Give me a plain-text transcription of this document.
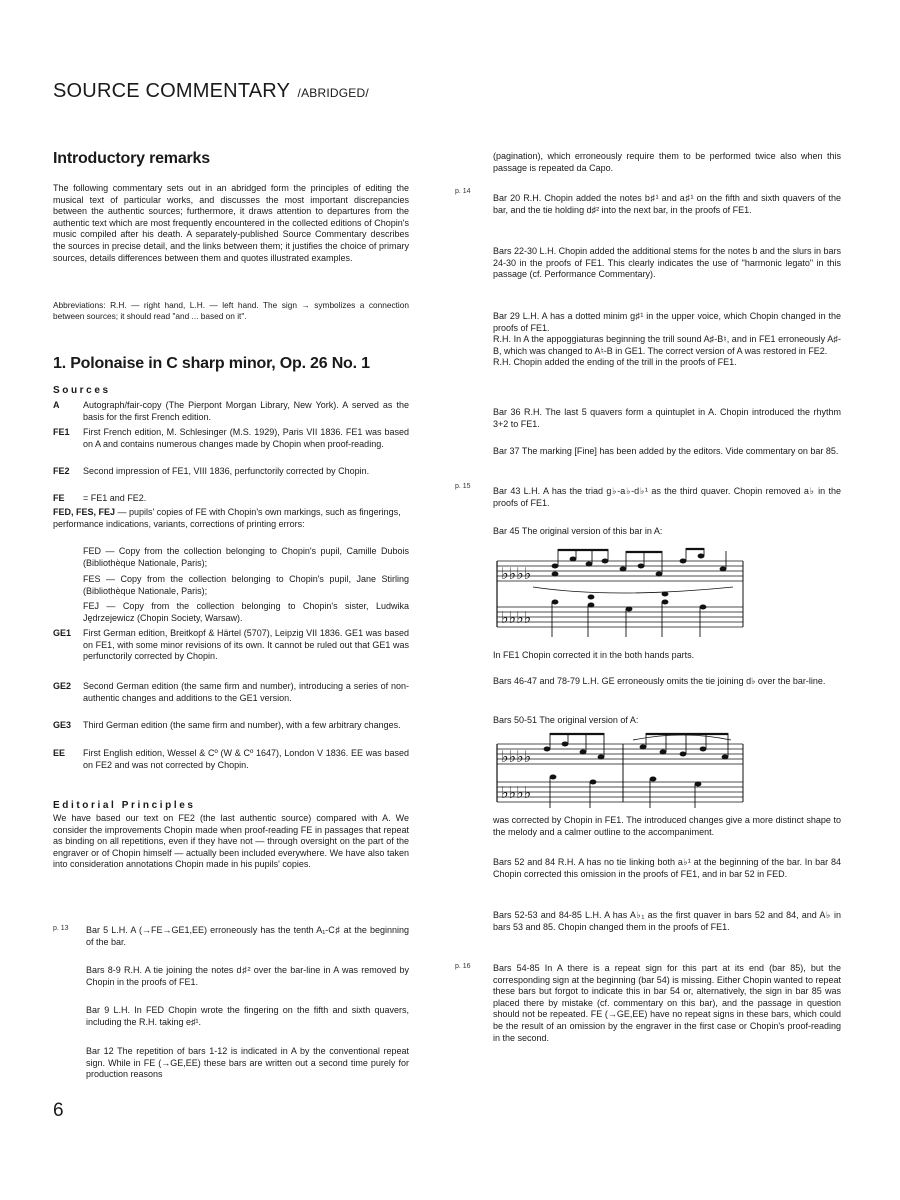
SOURCE COMMENTARY /ABRIDGED/
Introductory remarks
The following commentary sets out in an abridged form the principles of editing the musical text of particular works, and discusses the most important discrepancies between the authentic sources; furthermore, it draws attention to departures from the authentic text which are most frequently encountered in the collected editions of Chopin's music compiled after his death. A separately-published Source Commentary describes the sources in precise detail, and the links between them; it justifies the choice of primary sources, details differences between them and quotes illustrated examples.
Abbreviations: R.H. — right hand, L.H. — left hand. The sign → symbolizes a connection between sources; it should read "and ... based on it".
1. Polonaise in C sharp minor, Op. 26 No. 1
Sources
A	Autograph/fair-copy (The Pierpont Morgan Library, New York). A served as the basis for the first French edition.
FE1 First French edition, M. Schlesinger (M.S. 1929), Paris VII 1836. FE1 was based on A and contains numerous changes made by Chopin when proof-reading.
FE2 Second impression of FE1, VIII 1836, perfunctorily corrected by Chopin.
FE = FE1 and FE2.
FED, FES, FEJ — pupils' copies of FE with Chopin's own markings, such as fingerings, performance indications, variants, corrections of printing errors:
FED — Copy from the collection belonging to Chopin's pupil, Camille Dubois (Bibliothèque Nationale, Paris);
FES — Copy from the collection belonging to Chopin's pupil, Jane Stirling (Bibliothèque Nationale, Paris);
FEJ — Copy from the collection belonging to Chopin's sister, Ludwika Jędrzejewicz (Chopin Society, Warsaw).
GE1 First German edition, Breitkopf & Härtel (5707), Leipzig VII 1836. GE1 was based on FE1, with some minor revisions of its own. It cannot be ruled out that GE1 was perfunctorily corrected by Chopin.
GE2 Second German edition (the same firm and number), introducing a series of non-authentic changes and additions to the GE1 version.
GE3 Third German edition (the same firm and number), with a few arbitrary changes.
EE First English edition, Wessel & Cº (W & Cº 1647), London V 1836. EE was based on FE2 and was not corrected by Chopin.
Editorial Principles
We have based our text on FE2 (the last authentic source) compared with A. We consider the improvements Chopin made when proof-reading FE in passages that repeat as binding on all repetitions, even if they have not — through oversight on the part of the engraver or of Chopin himself — actually been included everywhere. We have also taken into consideration annotations Chopin made in his pupils' copies.
Bar 5 L.H. A (→FE→GE1,EE) erroneously has the tenth A₁-C♯ at the beginning of the bar.
Bars 8-9 R.H. A tie joining the notes d♯² over the bar-line in A was removed by Chopin in the proofs of FE1.
Bar 9 L.H. In FED Chopin wrote the fingering on the fifth and sixth quavers, including the R.H. taking e♯¹.
Bar 12 The repetition of bars 1-12 is indicated in A by the conventional repeat sign. While in FE (→GE,EE) these bars are written out a second time purely for production reasons
p. 13
(pagination), which erroneously require them to be performed twice also when this passage is repeated da Capo.
Bar 20 R.H. Chopin added the notes b♯¹ and a♯¹ on the fifth and sixth quavers of the bar, and the tie holding d♯² into the next bar, in the proofs of FE1.
Bars 22-30 L.H. Chopin added the additional stems for the notes b and the slurs in bars 24-30 in the proofs of FE1. This clearly indicates the use of "harmonic legato" in this passage (cf. Performance Commentary).
Bar 29 L.H. A has a dotted minim g♯¹ in the upper voice, which Chopin changed in the proofs of FE1.
R.H. In A the appoggiaturas beginning the trill sound A♯-B♮, and in FE1 erroneously A♯-B, which was changed to A♮-B in GE1. The correct version of A was restored in FE2.
R.H. Chopin added the ending of the trill in the proofs of FE1.
Bar 36 R.H. The last 5 quavers form a quintuplet in A. Chopin introduced the rhythm 3+2 to FE1.
Bar 37 The marking [Fine] has been added by the editors. Vide commentary on bar 85.
Bar 43 L.H. A has the triad g♭-a♭-d♭¹ as the third quaver. Chopin removed a♭ in the proofs of FE1.
Bar 45 The original version of this bar in A:
♭♭♭♭
♭♭♭♭
In FE1 Chopin corrected it in the both hands parts.
Bars 46-47 and 78-79 L.H. GE erroneously omits the tie joining d♭ over the bar-line.
Bars 50-51 The original version of A:
♭♭♭♭
♭♭♭♭
was corrected by Chopin in FE1. The introduced changes give a more distinct shape to the melody and a calmer outline to the accompaniment.
Bars 52 and 84 R.H. A has no tie linking both a♭¹ at the beginning of the bar. In bar 84 Chopin corrected this omission in the proofs of FE1, and in bar 52 in FED.
Bars 52-53 and 84-85 L.H. A has A♭₁ as the first quaver in bars 52 and 84, and A♭ in bars 53 and 85. Chopin changed them in the proofs of FE1.
Bars 54-85 In A there is a repeat sign for this part at its end (bar 85), but the corresponding sign at the beginning (bar 54) is missing. Either Chopin wanted to repeat these bars but forgot to indicate this in bar 54 or, alternatively, the sign in bar 85 was placed there by mistake (cf. commentary on this bar), and the passage in question should not be repeated. FE (→GE,EE) have no repeat signs in these bars, which could be the result of an omission by the engraver in the first case or Chopin's proof-reading in the second.
p. 14
p. 15
p. 16
6
